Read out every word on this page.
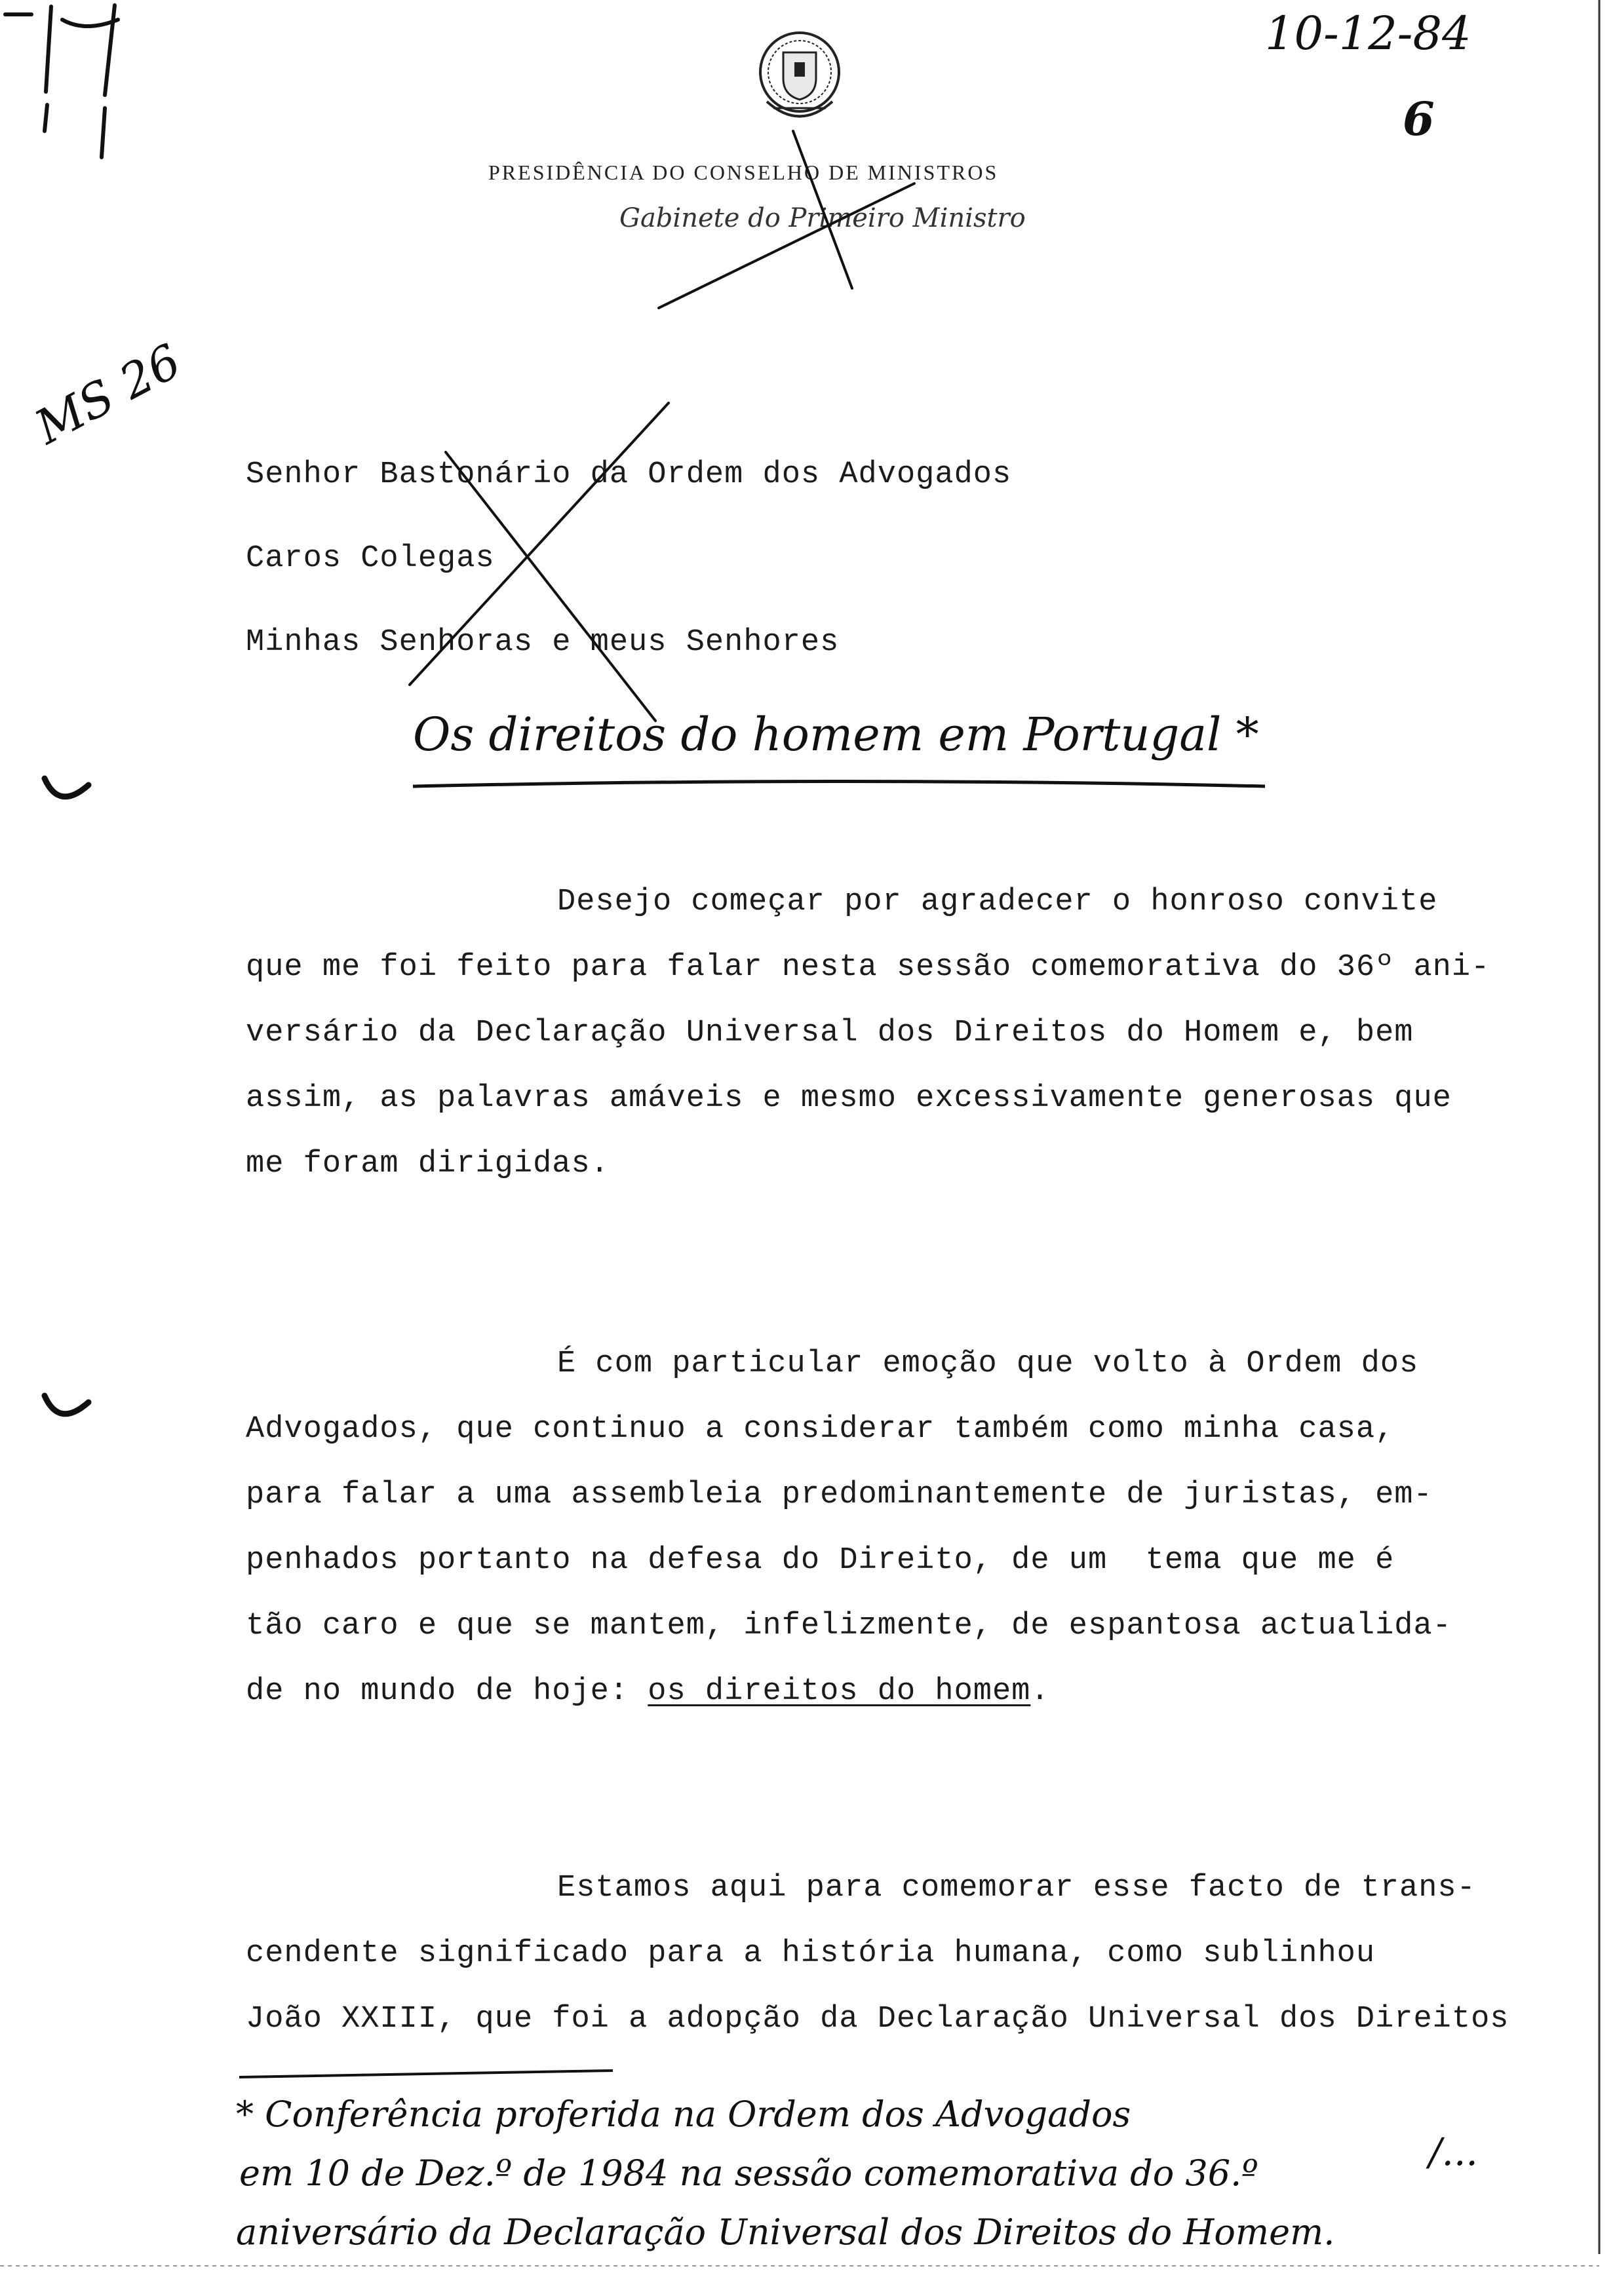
10-12-84
6
MS 26
PRESIDÊNCIA DO CONSELHO DE MINISTROS
Gabinete do Primeiro Ministro
Senhor Bastonário da Ordem dos Advogados
Caros Colegas
Minhas Senhoras e meus Senhores
Os direitos do homem em Portugal *
Desejo começar por agradecer o honroso convite
que me foi feito para falar nesta sessão comemorativa do 36º ani-
versário da Declaração Universal dos Direitos do Homem e, bem
assim, as palavras amáveis e mesmo excessivamente generosas que
me foram dirigidas.
É com particular emoção que volto à Ordem dos
Advogados, que continuo a considerar também como minha casa,
para falar a uma assembleia predominantemente de juristas, em-
penhados portanto na defesa do Direito, de um  tema que me é
tão caro e que se mantem, infelizmente, de espantosa actualida-
de no mundo de hoje: os direitos do homem.
Estamos aqui para comemorar esse facto de trans-
cendente significado para a história humana, como sublinhou
João XXIII, que foi a adopção da Declaração Universal dos Direitos
* Conferência proferida na Ordem dos Advogados
em 10 de Dez.º de 1984 na sessão comemorativa do 36.º
aniversário da Declaração Universal dos Direitos do Homem.
/...
